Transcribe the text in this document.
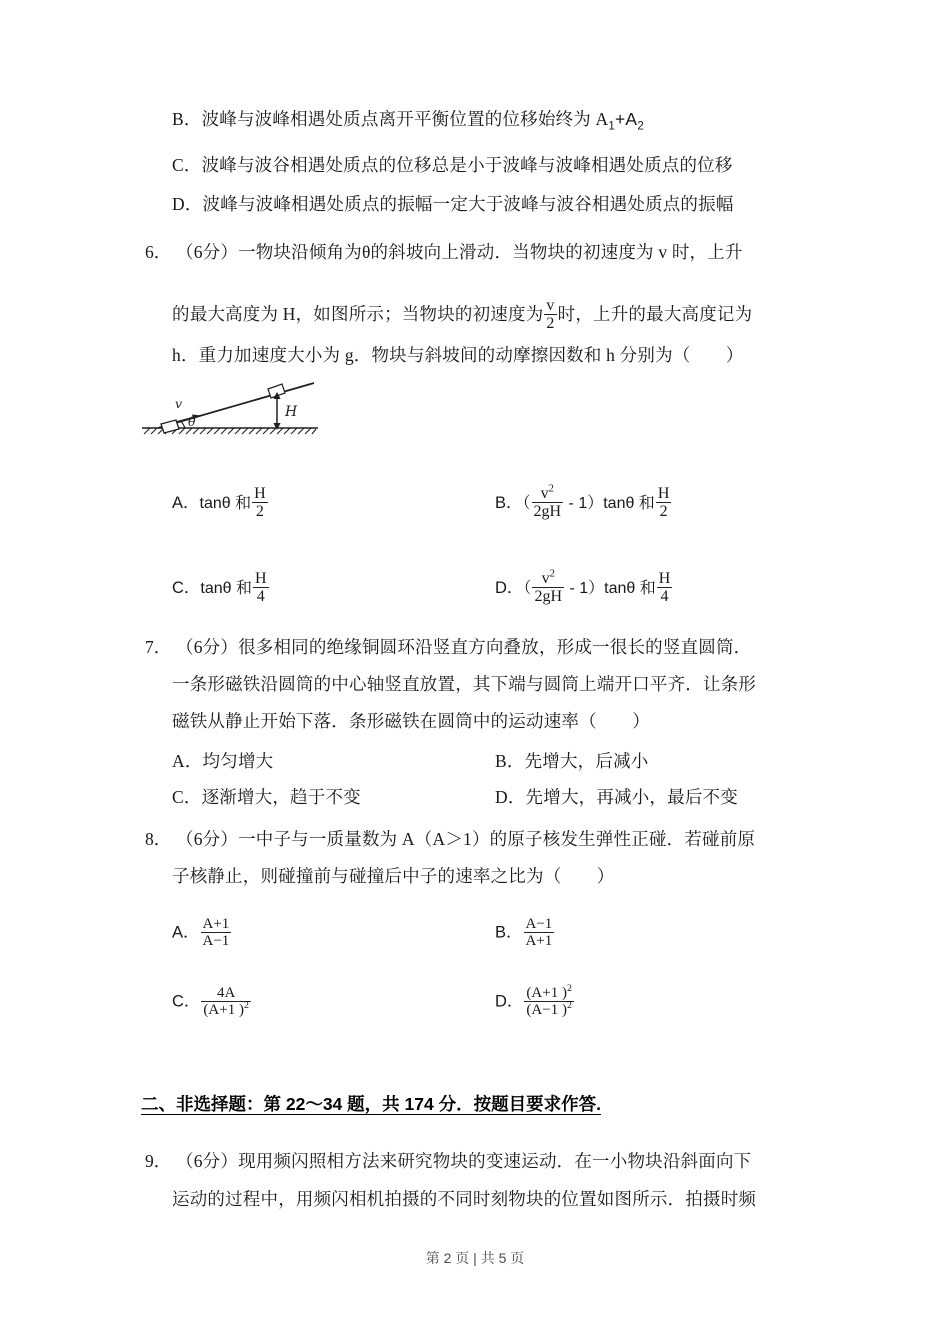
B．波峰与波峰相遇处质点离开平衡位置的位移始终为 $A_1+A_2$
C．波峰与波谷相遇处质点的位移总是小于波峰与波峰相遇处质点的位移
D．波峰与波峰相遇处质点的振幅一定大于波峰与波谷相遇处质点的振幅
6． （6分）一物块沿倾角为θ的斜坡向上滑动．当物块的初速度为 v 时，上升
的最大高度为 H，如图所示；当物块的初速度为 $\frac{v}{2}$ 时，上升的最大高度记为
h．重力加速度大小为 g．物块与斜坡间的动摩擦因数和 h 分别为（　　）
v
θ
H
A．tanθ 和 $\frac{H}{2}$	B．（ $\frac{v^2}{2gH} - 1)\tan\theta$ 和 $\frac{H}{2}$
C．tanθ 和 $\frac{H}{4}$	D．（ $\frac{v^2}{2gH} - 1)\tan\theta$ 和 $\frac{H}{4}$
7． （6分）很多相同的绝缘铜圆环沿竖直方向叠放，形成一很长的竖直圆筒．
一条形磁铁沿圆筒的中心轴竖直放置，其下端与圆筒上端开口平齐．让条形
磁铁从静止开始下落．条形磁铁在圆筒中的运动速率（　　）
A．均匀增大	B．先增大，后减小
C．逐渐增大，趋于不变	D．先增大，再减小，最后不变
8． （6分）一中子与一质量数为 A（A＞1）的原子核发生弹性正碰．若碰前原
子核静止，则碰撞前与碰撞后中子的速率之比为（　　）
A． $\frac{A+1}{A-1}$	B． $\frac{A-1}{A+1}$
C． $\frac{4A}{(A+1 )^2}$	D． $\frac{(A+1 )^2}{(A-1 )^2}$
二、非选择题：第 22〜34 题，共 174 分．按题目要求作答.
9． （6分）现用频闪照相方法来研究物块的变速运动．在一小物块沿斜面向下
运动的过程中，用频闪相机拍摄的不同时刻物块的位置如图所示．拍摄时频
第 2 页 | 共 5 页
